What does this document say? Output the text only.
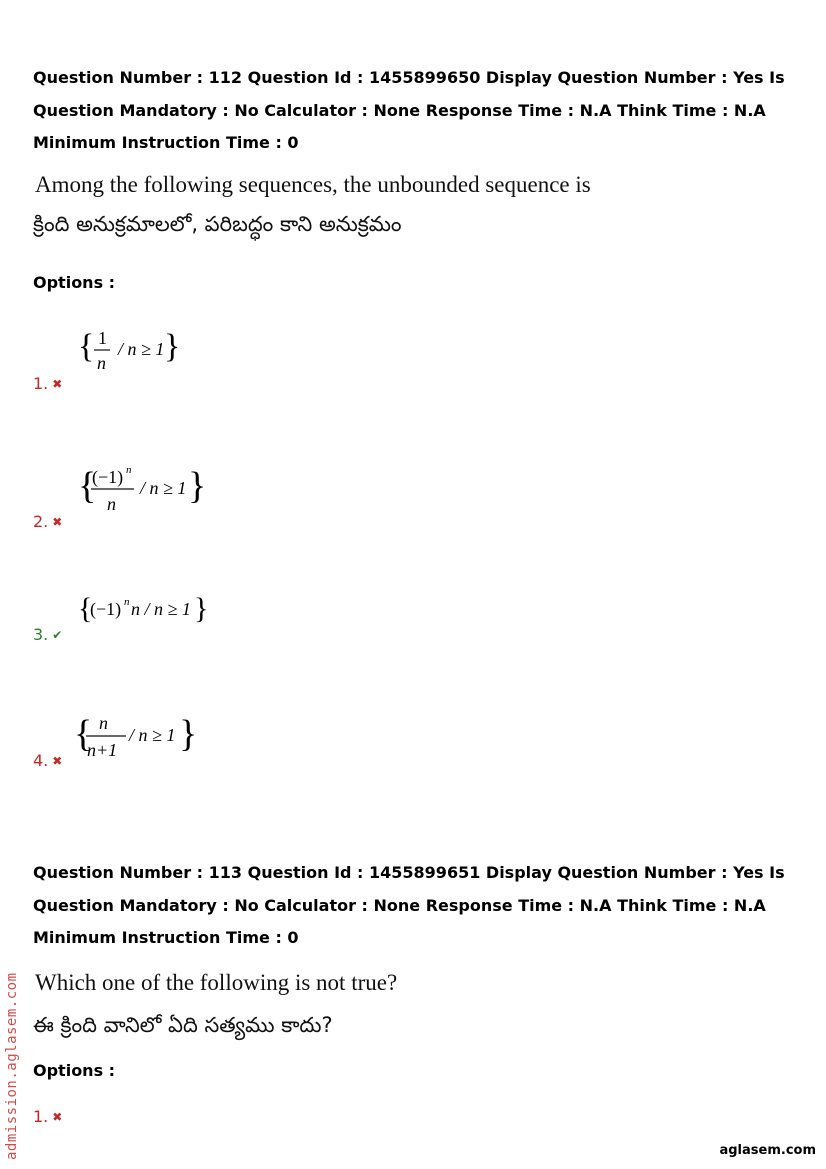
Question Number : 112 Question Id : 1455899650 Display Question Number : Yes Is Question Mandatory : No Calculator : None Response Time : N.A Think Time : N.A Minimum Instruction Time : 0
Among the following sequences, the unbounded sequence is
క్రింది అనుక్రమాలలో, పరిబద్ధం కాని అనుక్రమం
Options :
{ 1
n
/ n ≥ 1 }
1. ✖
{
(−1) n
n
/ n ≥ 1 }
2. ✖
{
(−1) n n / n ≥ 1 }
3. ✔
{ n
n+1
/ n ≥ 1 }
4. ✖
Question Number : 113 Question Id : 1455899651 Display Question Number : Yes Is Question Mandatory : No Calculator : None Response Time : N.A Think Time : N.A Minimum Instruction Time : 0
Which one of the following is not true?
ఈ క్రింది వానిలో ఏది సత్యము కాదు?
Options :
1. ✖
admission.aglasem.com	aglasem.com
